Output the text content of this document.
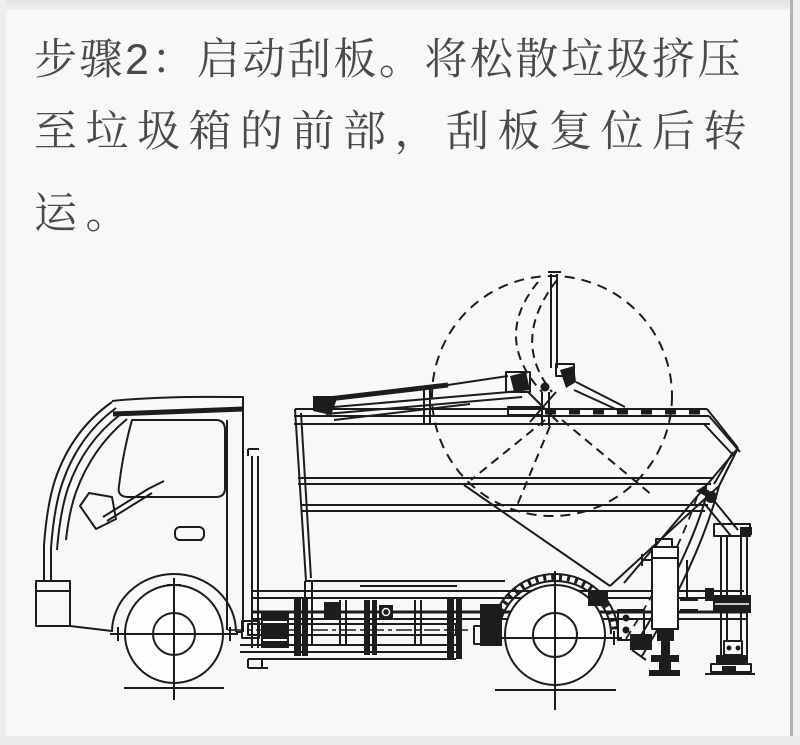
步骤2：启动刮板。将松散垃圾挤压
至垃圾箱的前部，刮板复位后转
运。
